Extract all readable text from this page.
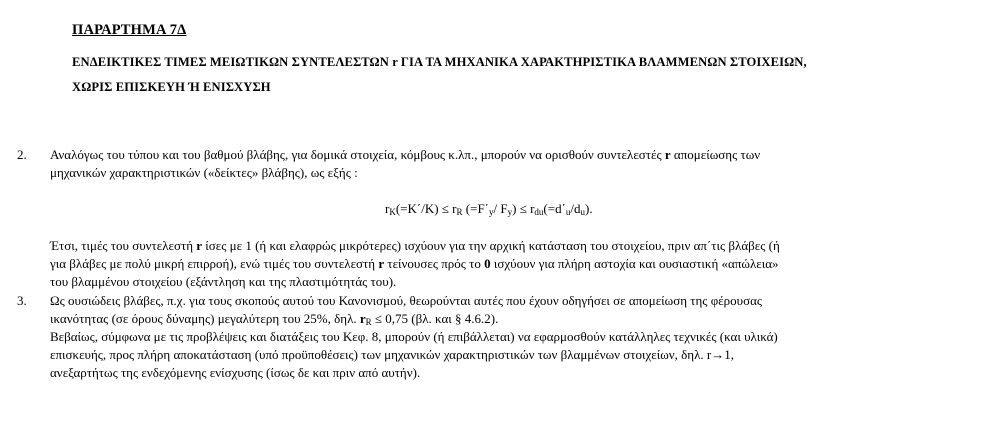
ΠΑΡΑΡΤΗΜΑ 7Δ
ΕΝΔΕΙΚΤΙΚΕΣ ΤΙΜΕΣ ΜΕΙΩΤΙΚΩΝ ΣΥΝΤΕΛΕΣΤΩΝ r ΓΙΑ ΤΑ ΜΗΧΑΝΙΚΑ ΧΑΡΑΚΤΗΡΙΣΤΙΚΑ ΒΛΑΜΜΕΝΩΝ ΣΤΟΙΧΕΙΩΝ,
ΧΩΡΙΣ ΕΠΙΣΚΕΥΗ Ή ΕΝΙΣΧΥΣΗ
2. Αναλόγως του τύπου και του βαθμού βλάβης, για δομικά στοιχεία, κόμβους κ.λπ., μπορούν να ορισθούν συντελεστές r απομείωσης των
μηχανικών χαρακτηριστικών («δείκτες» βλάβης), ως εξής :
$r_K(=K΄/K) \le r_R$ ($=F΄_y/$ $F_y) \le r_{du}(=d΄_u/d_u)$.
Έτσι, τιμές του συντελεστή r ίσες με 1 (ή και ελαφρώς μικρότερες) ισχύουν για την αρχική κατάσταση του στοιχείου, πριν απ΄τις βλάβες (ή
για βλάβες με πολύ μικρή επιρροή), ενώ τιμές του συντελεστή r τείνουσες πρός το 0 ισχύουν για πλήρη αστοχία και ουσιαστική «απώλεια»
του βλαμμένου στοιχείου (εξάντληση και της πλαστιμότητάς του).
3. Ως ουσιώδεις βλάβες, π.χ. για τους σκοπούς αυτού του Κανονισμού, θεωρούνται αυτές που έχουν οδηγήσει σε απομείωση της φέρουσας
ικανότητας (σε όρους δύναμης) μεγαλύτερη του 25%, δηλ. $r_R \le 0,75$ (βλ. και § 4.6.2).
Βεβαίως, σύμφωνα με τις προβλέψεις και διατάξεις του Κεφ. 8, μπορούν (ή επιβάλλεται) να εφαρμοσθούν κατάλληλες τεχνικές (και υλικά)
επισκευής, προς πλήρη αποκατάσταση (υπό προϋποθέσεις) των μηχανικών χαρακτηριστικών των βλαμμένων στοιχείων, δηλ. r→1,
ανεξαρτήτως της ενδεχόμενης ενίσχυσης (ίσως δε και πριν από αυτήν).
